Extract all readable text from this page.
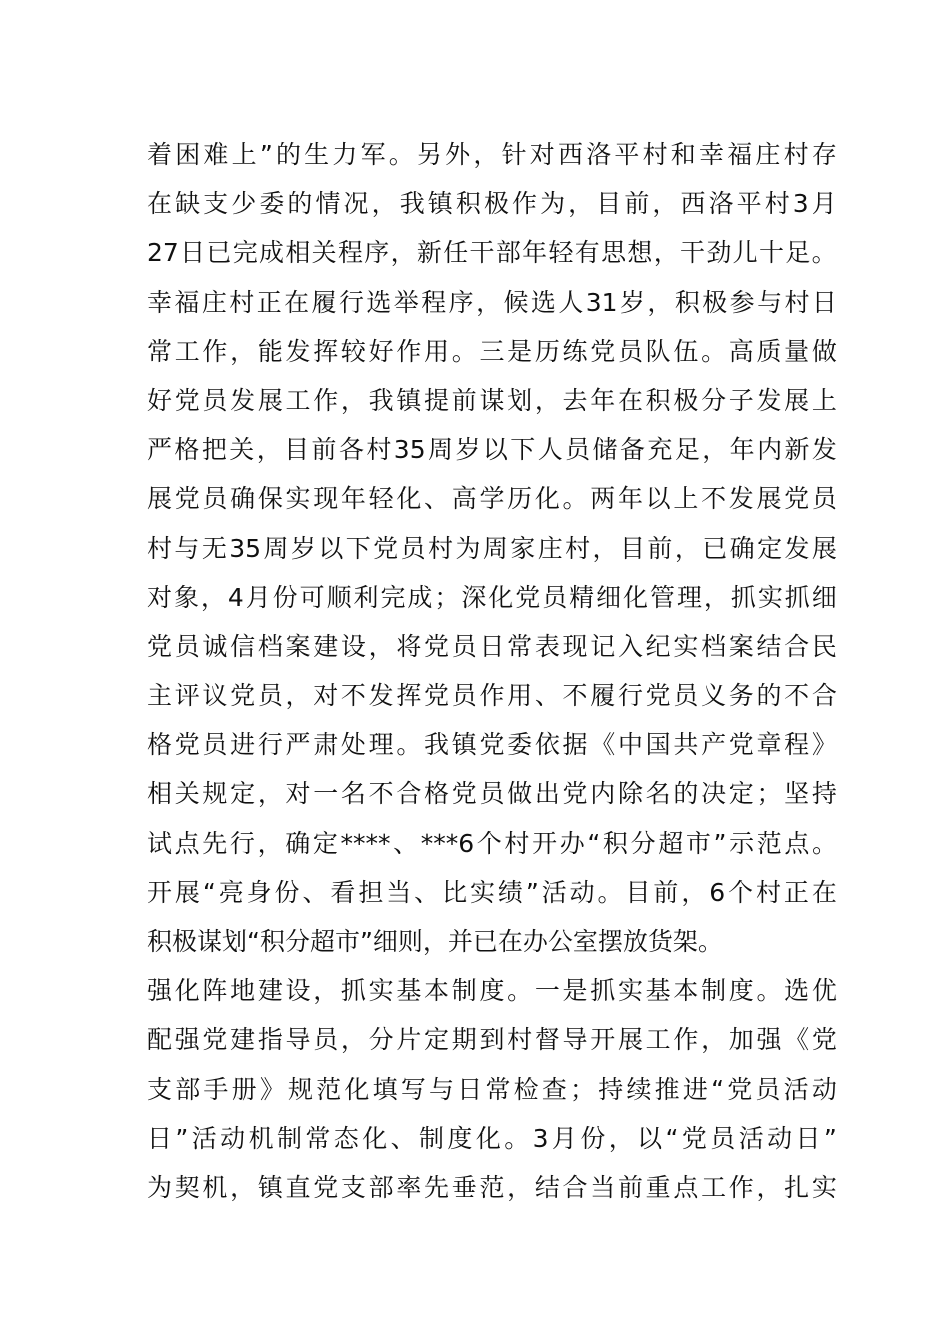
着 困 难 上 ” 的 生 力 军 。 另 外 ， 针 对 西 洛 平 村 和 幸 福 庄 村 存
在 缺 支 少 委 的 情 况 ， 我 镇 积 极 作 为 ， 目 前 ， 西 洛 平 村 3 月
27 日 已 完 成 相 关 程 序 ， 新 任 干 部 年 轻 有 思 想 ， 干 劲 儿 十 足 。
幸 福 庄 村 正 在 履 行 选 举 程 序 ， 候 选 人 31 岁 ， 积 极 参 与 村 日
常 工 作 ， 能 发 挥 较 好 作 用 。 三 是 历 练 党 员 队 伍 。 高 质 量 做
好 党 员 发 展 工 作 ， 我 镇 提 前 谋 划 ， 去 年 在 积 极 分 子 发 展 上
严 格 把 关 ， 目 前 各 村 35 周 岁 以 下 人 员 储 备 充 足 ， 年 内 新 发
展 党 员 确 保 实 现 年 轻 化 、 高 学 历 化 。 两 年 以 上 不 发 展 党 员
村 与 无 35 周 岁 以 下 党 员 村 为 周 家 庄 村 ， 目 前 ， 已 确 定 发 展
对 象 ， 4 月 份 可 顺 利 完 成 ； 深 化 党 员 精 细 化 管 理 ， 抓 实 抓 细
党 员 诚 信 档 案 建 设 ， 将 党 员 日 常 表 现 记 入 纪 实 档 案 结 合 民
主 评 议 党 员 ， 对 不 发 挥 党 员 作 用 、 不 履 行 党 员 义 务 的 不 合
格 党 员 进 行 严 肃 处 理 。 我 镇 党 委 依 据 《 中 国 共 产 党 章 程 》
相 关 规 定 ， 对 一 名 不 合 格 党 员 做 出 党 内 除 名 的 决 定 ； 坚 持
试 点 先 行 ， 确 定 **** 、 ***6 个 村 开 办 “ 积 分 超 市 ” 示 范 点 。
开 展 “ 亮 身 份 、 看 担 当 、 比 实 绩 ” 活 动 。 目 前 ， 6 个 村 正 在
积极谋划“积分超市”细则，并已在办公室摆放货架。
强 化 阵 地 建 设 ， 抓 实 基 本 制 度 。 一 是 抓 实 基 本 制 度 。 选 优
配 强 党 建 指 导 员 ， 分 片 定 期 到 村 督 导 开 展 工 作 ， 加 强 《 党
支 部 手 册 》 规 范 化 填 写 与 日 常 检 查 ； 持 续 推 进 “ 党 员 活 动
日 ” 活 动 机 制 常 态 化 、 制 度 化 。 3 月 份 ， 以 “ 党 员 活 动 日 ”
为 契 机 ， 镇 直 党 支 部 率 先 垂 范 ， 结 合 当 前 重 点 工 作 ， 扎 实
